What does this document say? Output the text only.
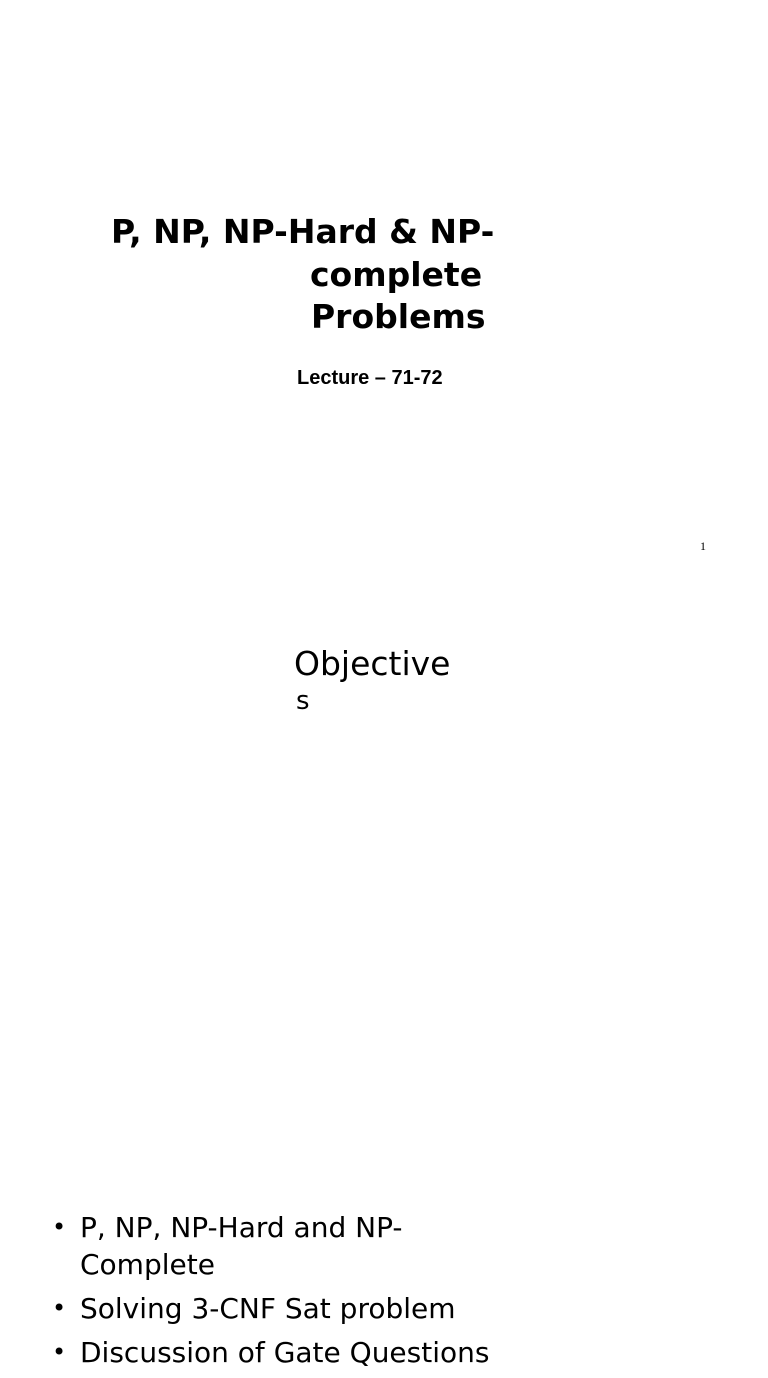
P, NP, NP-Hard & NP-
complete
Problems
Lecture – 71-72
1
• P, NP, NP-Hard and NP-
Complete
• Solving 3-CNF Sat problem
• Discussion of Gate Questions
Objective
s
